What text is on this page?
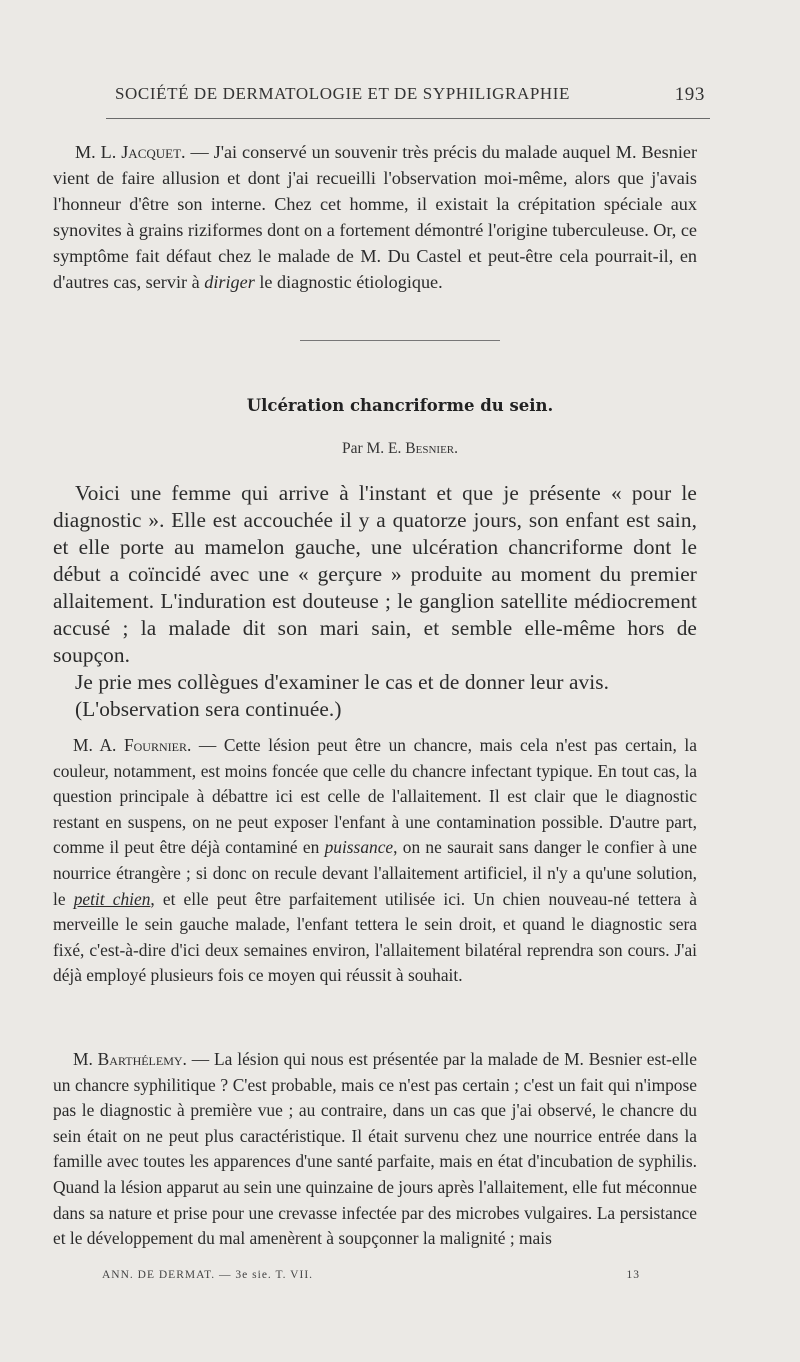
SOCIÉTÉ DE DERMATOLOGIE ET DE SYPHILIGRAPHIE	193
M. L. Jacquet. — J'ai conservé un souvenir très précis du malade auquel M. Besnier vient de faire allusion et dont j'ai recueilli l'observation moi-même, alors que j'avais l'honneur d'être son interne. Chez cet homme, il existait la crépitation spéciale aux synovites à grains riziformes dont on a fortement démontré l'origine tuberculeuse. Or, ce symptôme fait défaut chez le malade de M. Du Castel et peut-être cela pourrait-il, en d'autres cas, servir à diriger le diagnostic étiologique.
Ulcération chancriforme du sein.
Par M. E. Besnier.

Voici une femme qui arrive à l'instant et que je présente « pour le diagnostic ». Elle est accouchée il y a quatorze jours, son enfant est sain, et elle porte au mamelon gauche, une ulcération chancriforme dont le début a coïncidé avec une « gerçure » produite au moment du premier allaitement. L'induration est douteuse ; le ganglion satellite médiocrement accusé ; la malade dit son mari sain, et semble elle-même hors de soupçon.

Je prie mes collègues d'examiner le cas et de donner leur avis.

(L'observation sera continuée.)

M. A. Fournier. — Cette lésion peut être un chancre, mais cela n'est pas certain, la couleur, notamment, est moins foncée que celle du chancre infectant typique. En tout cas, la question principale à débattre ici est celle de l'allaitement. Il est clair que le diagnostic restant en suspens, on ne peut exposer l'enfant à une contamination possible. D'autre part, comme il peut être déjà contaminé en puissance, on ne saurait sans danger le confier à une nourrice étrangère ; si donc on recule devant l'allaitement artificiel, il n'y a qu'une solution, le petit chien, et elle peut être parfaitement utilisée ici. Un chien nouveau-né tettera à merveille le sein gauche malade, l'enfant tettera le sein droit, et quand le diagnostic sera fixé, c'est-à-dire d'ici deux semaines environ, l'allaitement bilatéral reprendra son cours. J'ai déjà employé plusieurs fois ce moyen qui réussit à souhait.

M. Barthélemy. — La lésion qui nous est présentée par la malade de M. Besnier est-elle un chancre syphilitique ? C'est probable, mais ce n'est pas certain ; c'est un fait qui n'impose pas le diagnostic à première vue ; au contraire, dans un cas que j'ai observé, le chancre du sein était on ne peut plus caractéristique. Il était survenu chez une nourrice entrée dans la famille avec toutes les apparences d'une santé parfaite, mais en état d'incubation de syphilis. Quand la lésion apparut au sein une quinzaine de jours après l'allaitement, elle fut méconnue dans sa nature et prise pour une crevasse infectée par des microbes vulgaires. La persistance et le développement du mal amenèrent à soupçonner la malignité ; mais

ANN. DE DERMAT. — 3e sie. T. VII.	13
